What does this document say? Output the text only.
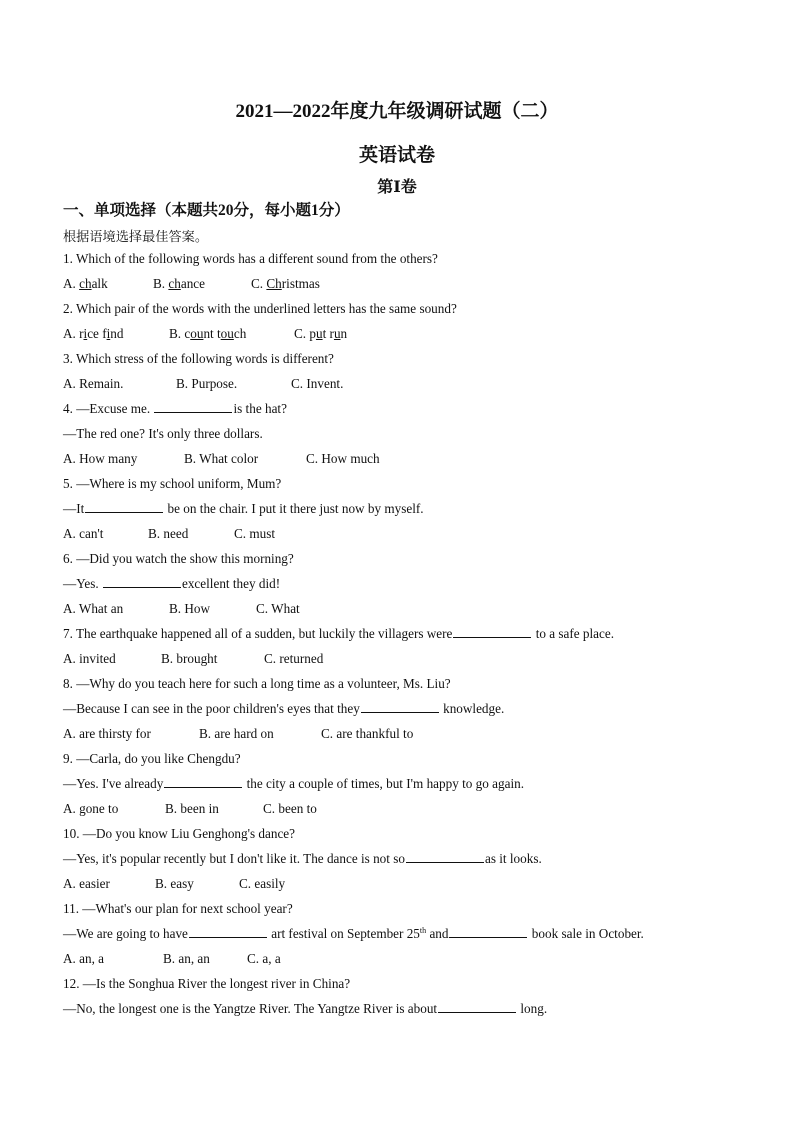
2021—2022年度九年级调研试题（二）
英语试卷
第Ⅰ卷
一、单项选择（本题共20分，每小题1分）
根据语境选择最佳答案。
1. Which of the following words has a different sound from the others?
A. chalk	B. chance	C. Christmas
2. Which pair of the words with the underlined letters has the same sound?
A. rice find	B. count touch	C. put run
3. Which stress of the following words is different?
A. Remain.	B. Purpose.	C. Invent.
4. —Excuse me.	is the hat?
—The red one? It's only three dollars.
A. How many	B. What color	C. How much
5. —Where is my school uniform, Mum?
—It	be on the chair. I put it there just now by myself.
A. can't	B. need	C. must
6. —Did you watch the show this morning?
—Yes.	excellent they did!
A. What an	B. How	C. What
7. The earthquake happened all of a sudden, but luckily the villagers were	to a safe place.
A. invited	B. brought	C. returned
8. —Why do you teach here for such a long time as a volunteer, Ms. Liu?
—Because I can see in the poor children's eyes that they	knowledge.
A. are thirsty for	B. are hard on	C. are thankful to
9. —Carla, do you like Chengdu?
—Yes. I've already	the city a couple of times, but I'm happy to go again.
A. gone to	B. been in	C. been to
10. —Do you know Liu Genghong's dance?
—Yes, it's popular recently but I don't like it. The dance is not so	as it looks.
A. easier	B. easy	C. easily
11. —What's our plan for next school year?
—We are going to have	art festival on September 25th and	book sale in October.
A. an, a	B. an, an	C. a, a
12. —Is the Songhua River the longest river in China?
—No, the longest one is the Yangtze River. The Yangtze River is about	long.
